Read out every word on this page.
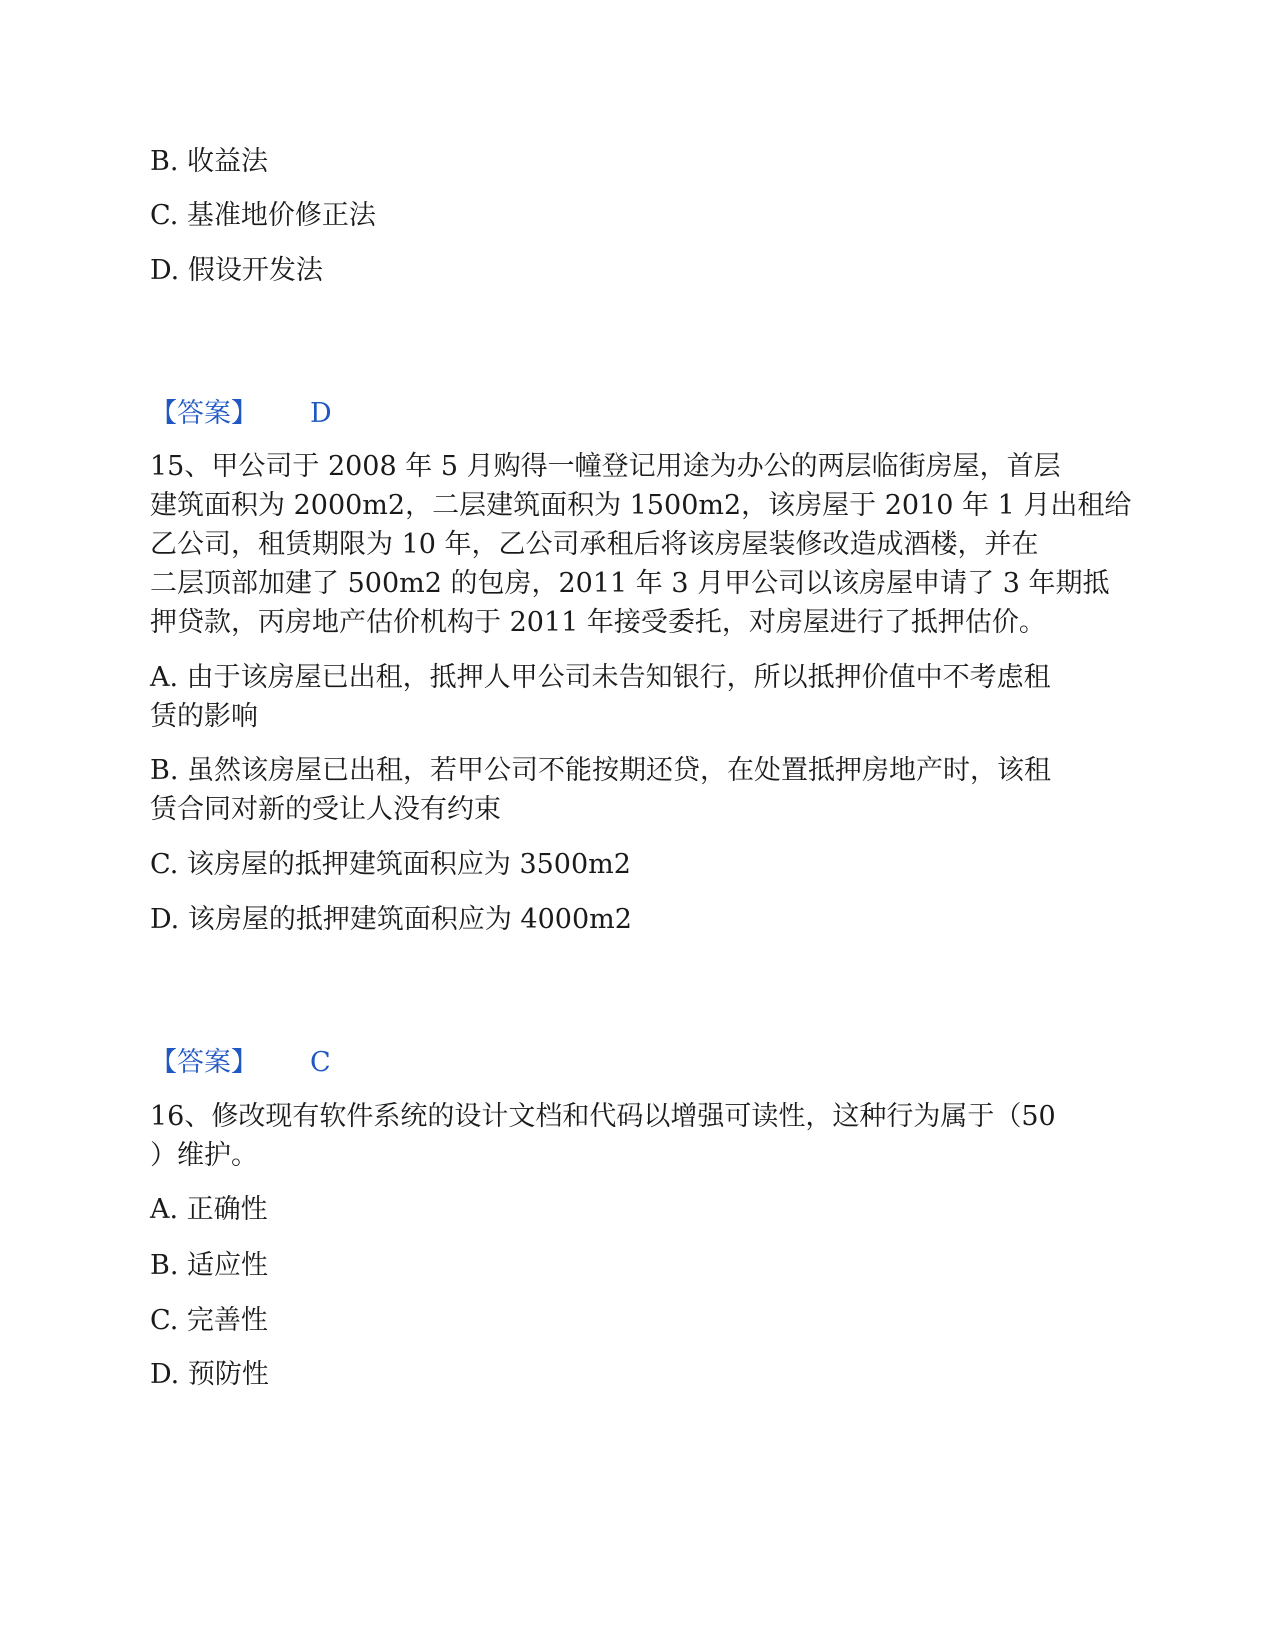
B. 收益法
C. 基准地价修正法
D. 假设开发法
【答案】 D
15、甲公司于 2008 年 5 月购得一幢登记用途为办公的两层临街房屋，首层
建筑面积为 2000m2，二层建筑面积为 1500m2，该房屋于 2010 年 1 月出租给
乙公司，租赁期限为 10 年，乙公司承租后将该房屋装修改造成酒楼，并在
二层顶部加建了 500m2 的包房，2011 年 3 月甲公司以该房屋申请了 3 年期抵
押贷款，丙房地产估价机构于 2011 年接受委托，对房屋进行了抵押估价。
A. 由于该房屋已出租，抵押人甲公司未告知银行，所以抵押价值中不考虑租
赁的影响
B. 虽然该房屋已出租，若甲公司不能按期还贷，在处置抵押房地产时，该租
赁合同对新的受让人没有约束
C. 该房屋的抵押建筑面积应为 3500m2
D. 该房屋的抵押建筑面积应为 4000m2
【答案】 C
16、修改现有软件系统的设计文档和代码以增强可读性，这种行为属于（50
）维护。
A. 正确性
B. 适应性
C. 完善性
D. 预防性
